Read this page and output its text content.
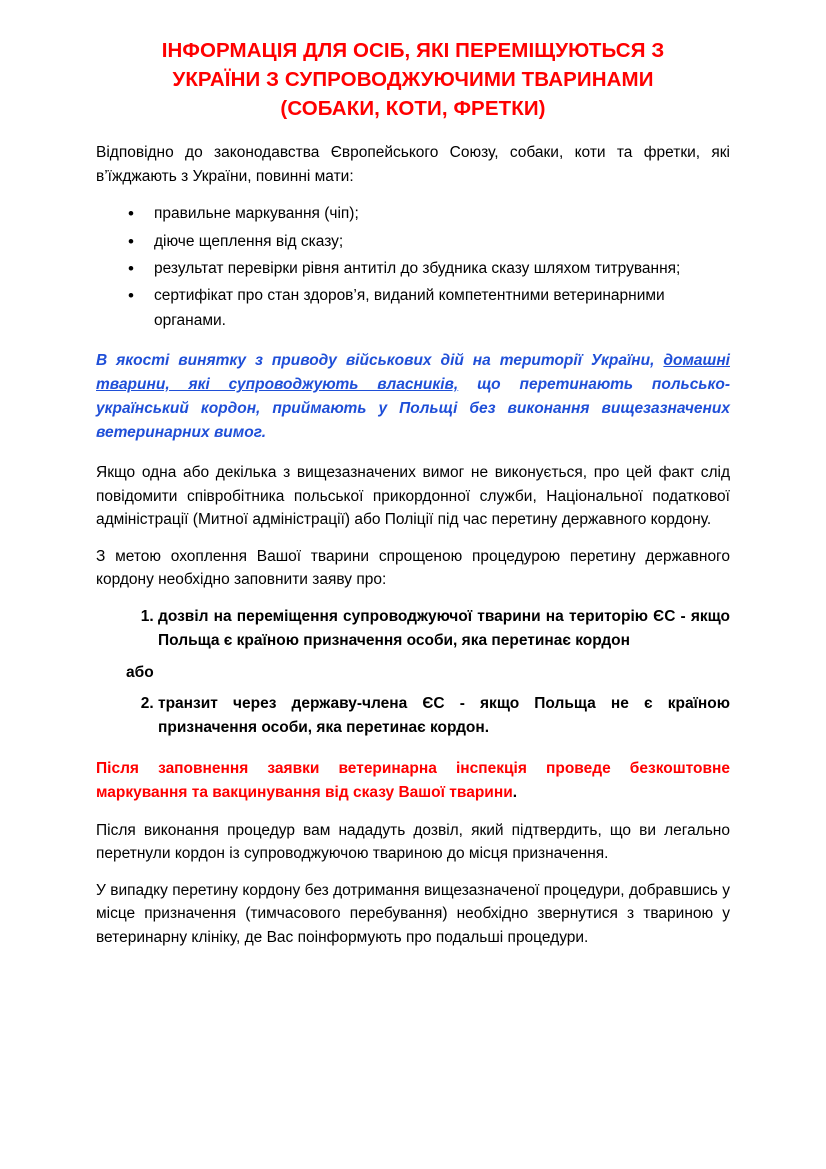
ІНФОРМАЦІЯ ДЛЯ ОСІБ, ЯКІ ПЕРЕМІЩУЮТЬСЯ З
УКРАЇНИ З СУПРОВОДЖУЮЧИМИ ТВАРИНАМИ
(СОБАКИ, КОТИ, ФРЕТКИ)

Відповідно до законодавства Європейського Союзу, собаки, коти та фретки, які в’їжджають з України, повинні мати:

• правильне маркування (чіп);
• діюче щеплення від сказу;
• результат перевірки рівня антитіл до збудника сказу шляхом титрування;
• сертифікат про стан здоров’я, виданий компетентними ветеринарними органами.

В якості винятку з приводу військових дій на території України, домашні тварини, які супроводжують власників, що перетинають польсько-український кордон, приймають у Польщі без виконання вищезазначених ветеринарних вимог.

Якщо одна або декілька з вищезазначених вимог не виконується, про цей факт слід повідомити співробітника польської прикордонної служби, Національної податкової адміністрації (Митної адміністрації) або Поліції під час перетину державного кордону.

З метою охоплення Вашої тварини спрощеною процедурою перетину державного кордону необхідно заповнити заяву про:

1. дозвіл на переміщення супроводжуючої тварини на територію ЄС - якщо Польща є країною призначення особи, яка перетинає кордон
або
2. транзит через державу-члена ЄС - якщо Польща не є країною призначення особи, яка перетинає кордон.

Після заповнення заявки ветеринарна інспекція проведе безкоштовне маркування та вакцинування від сказу Вашої тварини.

Після виконання процедур вам нададуть дозвіл, який підтвердить, що ви легально перетнули кордон із супроводжуючою твариною до місця призначення.

У випадку перетину кордону без дотримання вищезазначеної процедури, добравшись у місце призначення (тимчасового перебування) необхідно звернутися з твариною у ветеринарну клініку, де Вас поінформують про подальші процедури.
